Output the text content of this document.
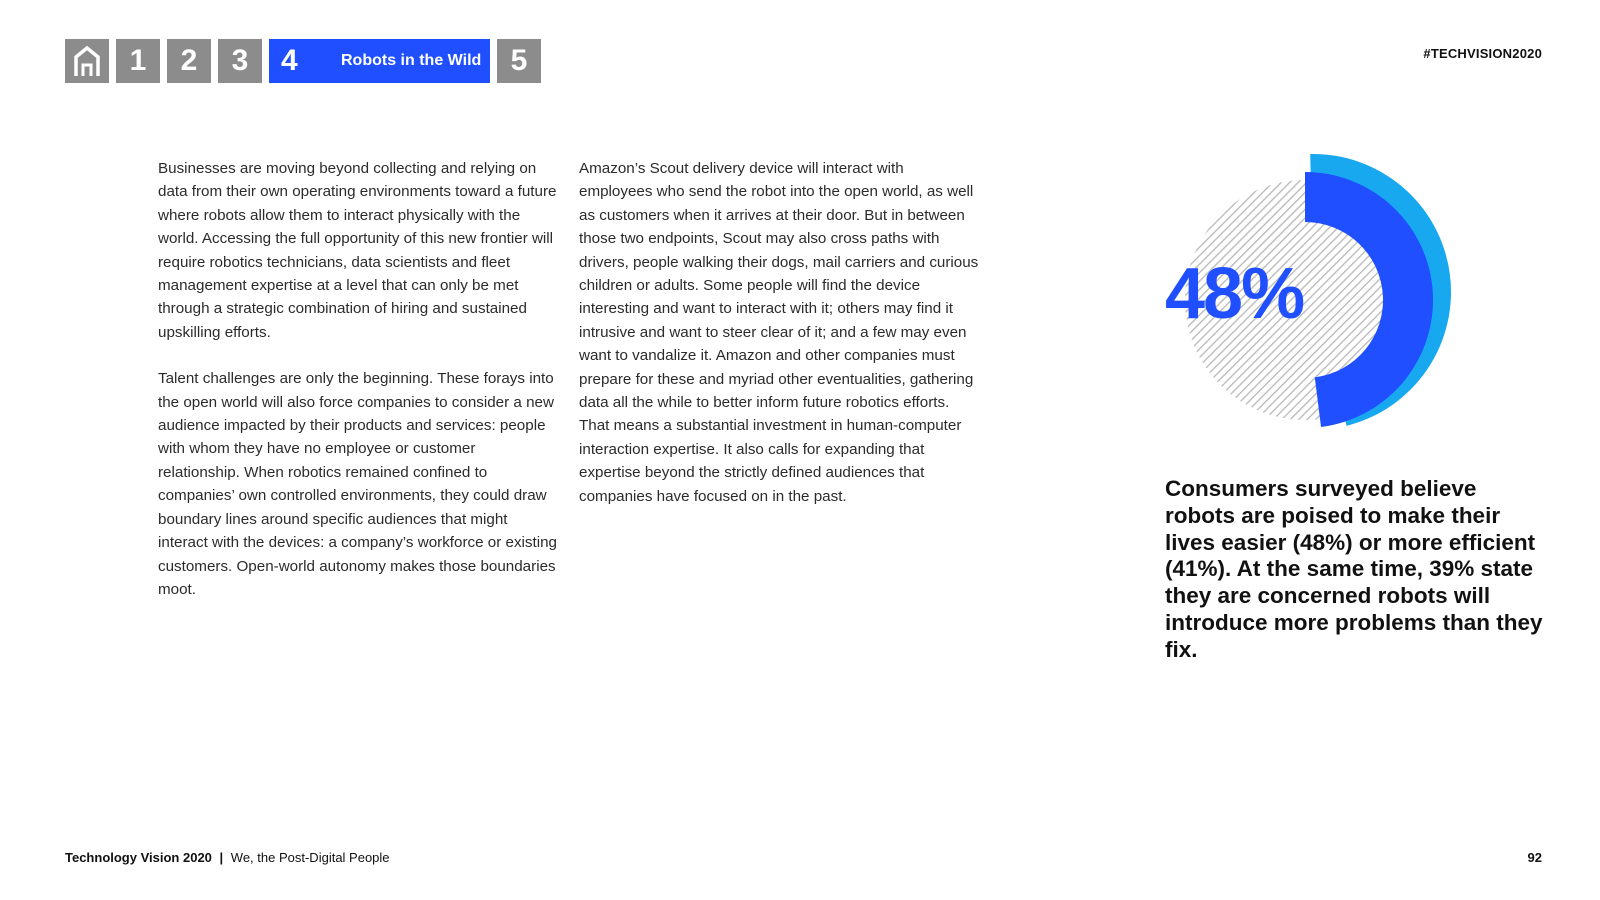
1	2	3	4	Robots in the Wild 5	#TECHVISION2020

Businesses are moving beyond collecting and relying on data from their own operating environments toward a future where robots allow them to interact physically with the world. Accessing the full opportunity of this new frontier will require robotics technicians, data scientists and fleet management expertise at a level that can only be met through a strategic combination of hiring and sustained upskilling efforts.

Talent challenges are only the beginning. These forays into the open world will also force companies to consider a new audience impacted by their products and services: people with whom they have no employee or customer relationship. When robotics remained confined to companies’ own controlled environments, they could draw boundary lines around specific audiences that might interact with the devices: a company’s workforce or existing customers. Open-world autonomy makes those boundaries moot.

Amazon’s Scout delivery device will interact with employees who send the robot into the open world, as well as customers when it arrives at their door. But in between those two endpoints, Scout may also cross paths with drivers, people walking their dogs, mail carriers and curious children or adults. Some people will find the device interesting and want to interact with it; others may find it intrusive and want to steer clear of it; and a few may even want to vandalize it. Amazon and other companies must prepare for these and myriad other eventualities, gathering data all the while to better inform future robotics efforts. That means a substantial investment in human-computer interaction expertise. It also calls for expanding that expertise beyond the strictly defined audiences that companies have focused on in the past.

48%
Consumers surveyed believe robots are poised to make their lives easier (48%) or more efficient (41%). At the same time, 39% state they are concerned robots will introduce more problems than they fix.
Technology Vision 2020 | We, the Post-Digital People	92
